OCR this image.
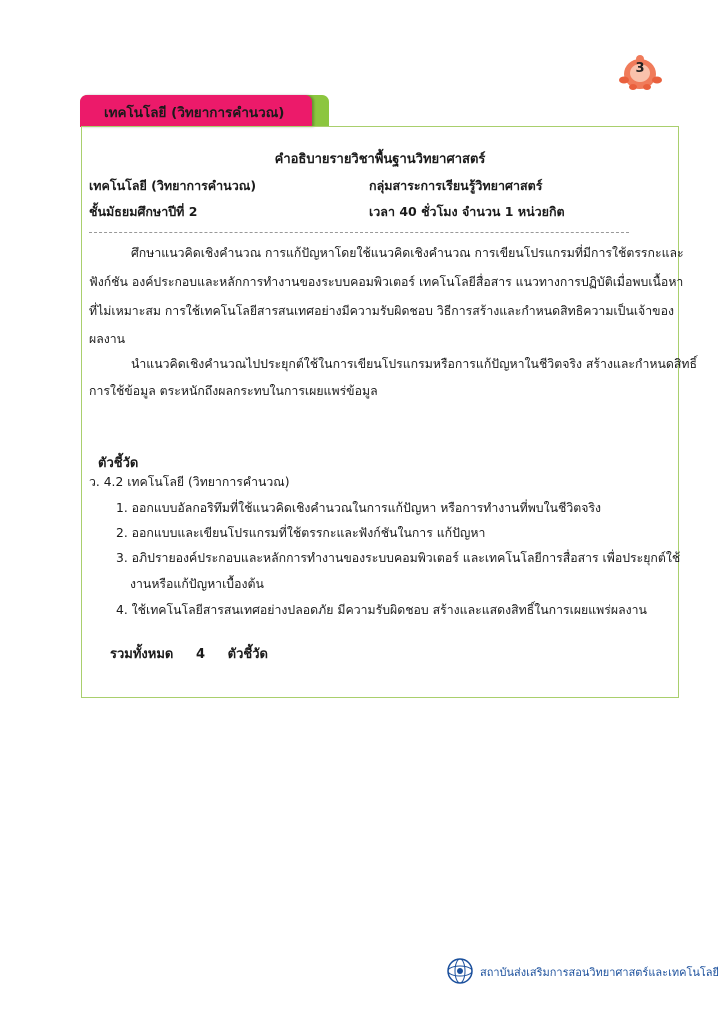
3
เทคโนโลยี (วิทยาการคำนวณ)
คำอธิบายรายวิชาพื้นฐานวิทยาศาสตร์
เทคโนโลยี (วิทยาการคำนวณ)	กลุ่มสาระการเรียนรู้วิทยาศาสตร์
ชั้นมัธยมศึกษาปีที่ 2	เวลา 40 ชั่วโมง จำนวน 1 หน่วยกิต
ศึกษาแนวคิดเชิงคำนวณ การแก้ปัญหาโดยใช้แนวคิดเชิงคำนวณ การเขียนโปรแกรมที่มีการใช้ตรรกะและ
ฟังก์ชัน องค์ประกอบและหลักการทำงานของระบบคอมพิวเตอร์ เทคโนโลยีสื่อสาร แนวทางการปฏิบัติเมื่อพบเนื้อหา
ที่ไม่เหมาะสม การใช้เทคโนโลยีสารสนเทศอย่างมีความรับผิดชอบ วิธีการสร้างและกำหนดสิทธิความเป็นเจ้าของ
ผลงาน
นำแนวคิดเชิงคำนวณไปประยุกต์ใช้ในการเขียนโปรแกรมหรือการแก้ปัญหาในชีวิตจริง สร้างและกำหนดสิทธิ์
การใช้ข้อมูล ตระหนักถึงผลกระทบในการเผยแพร่ข้อมูล
ตัวชี้วัด
ว. 4.2 เทคโนโลยี (วิทยาการคำนวณ)
1. ออกแบบอัลกอริทึมที่ใช้แนวคิดเชิงคำนวณในการแก้ปัญหา หรือการทำงานที่พบในชีวิตจริง
2. ออกแบบและเขียนโปรแกรมที่ใช้ตรรกะและฟังก์ชันในการ แก้ปัญหา
3. อภิปรายองค์ประกอบและหลักการทำงานของระบบคอมพิวเตอร์ และเทคโนโลยีการสื่อสาร เพื่อประยุกต์ใช้
งานหรือแก้ปัญหาเบื้องต้น
4. ใช้เทคโนโลยีสารสนเทศอย่างปลอดภัย มีความรับผิดชอบ สร้างและแสดงสิทธิ์ในการเผยแพร่ผลงาน
รวมทั้งหมด     4     ตัวชี้วัด
สถาบันส่งเสริมการสอนวิทยาศาสตร์และเทคโนโลยี
